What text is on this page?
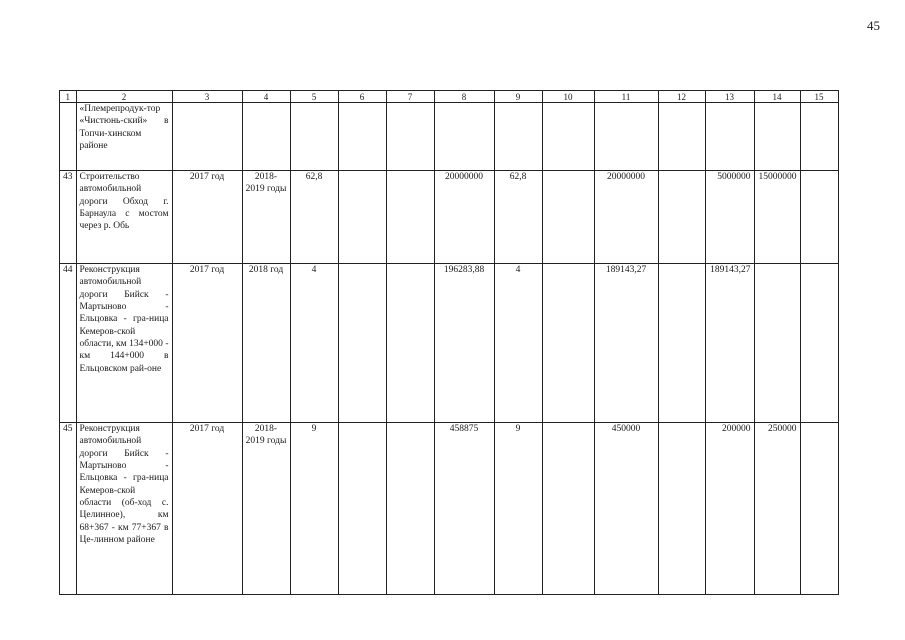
45
1	2	3	4	5	6	7	8	9	10	11	12	13	14	15
	«Племрепродук-тор «Чистюнь-ский» в Топчи-хинском районе													
43	Строительство автомобильной дороги Обход г. Барнаула с мостом через р. Обь	2017 год	2018-2019 годы	62,8			20000000	62,8		20000000		5000000	15000000	
44	Реконструкция автомобильной дороги Бийск - Мартыново - Ельцовка - гра-ница Кемеров-ской области, км 134+000 - км 144+000 в Ельцовском рай-оне	2017 год	2018 год	4			196283,88	4		189143,27		189143,27		
45	Реконструкция автомобильной дороги Бийск - Мартыново - Ельцовка - гра-ница Кемеров-ской области (об-ход с. Целинное), км 68+367 - км 77+367 в Це-линном районе	2017 год	2018-2019 годы	9			458875	9		450000		200000	250000	
